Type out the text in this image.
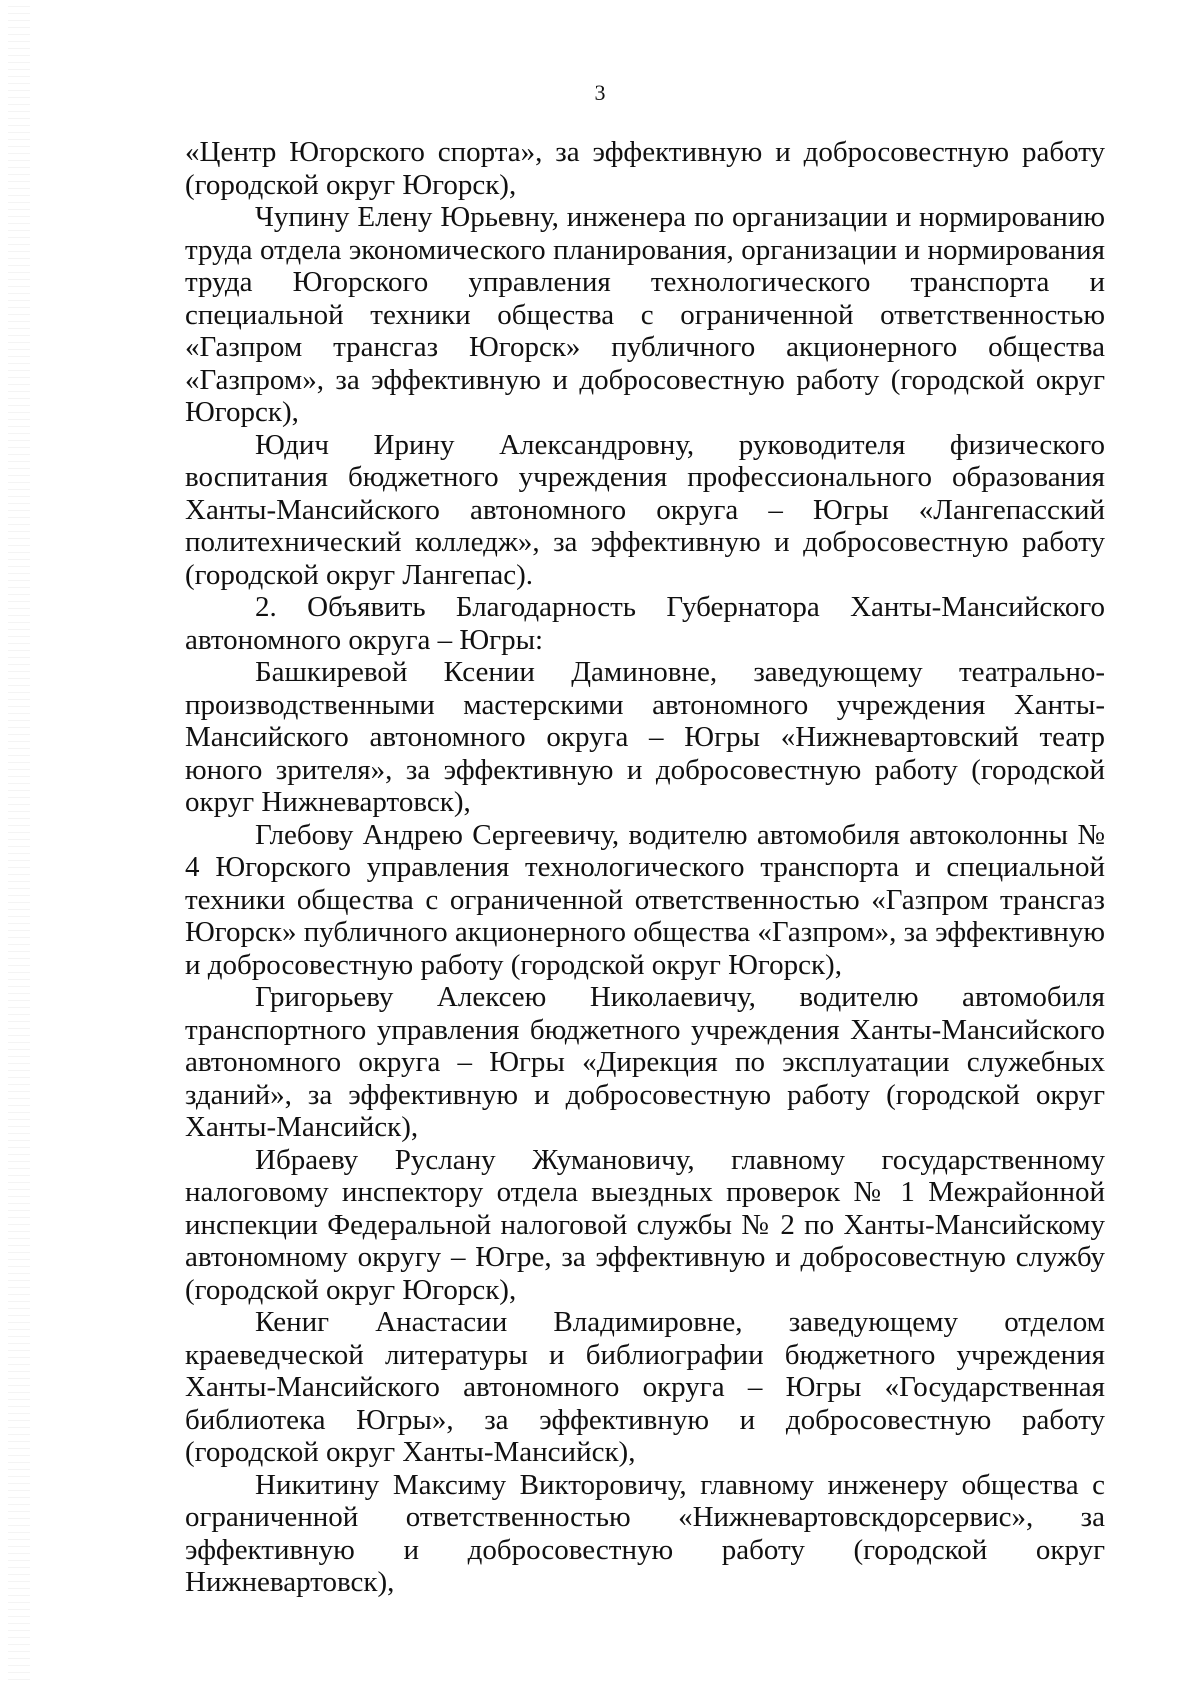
3

«Центр Югорского спорта», за эффективную и добросовестную работу (городской округ Югорск),

Чупину Елену Юрьевну, инженера по организации и нормированию труда отдела экономического планирования, организации и нормирования труда Югорского управления технологического транспорта и специальной техники общества с ограниченной ответственностью «Газпром трансгаз Югорск» публичного акционерного общества «Газпром», за эффективную и добросовестную работу (городской округ Югорск),

Юдич Ирину Александровну, руководителя физического воспитания бюджетного учреждения профессионального образования Ханты-Мансийского автономного округа – Югры «Лангепасский политехнический колледж», за эффективную и добросовестную работу (городской округ Лангепас).

2. Объявить Благодарность Губернатора Ханты-Мансийского автономного округа – Югры:

Башкиревой Ксении Даминовне, заведующему театрально-производственными мастерскими автономного учреждения Ханты-Мансийского автономного округа – Югры «Нижневартовский театр юного зрителя», за эффективную и добросовестную работу (городской округ Нижневартовск),

Глебову Андрею Сергеевичу, водителю автомобиля автоколонны № 4 Югорского управления технологического транспорта и специальной техники общества с ограниченной ответственностью «Газпром трансгаз Югорск» публичного акционерного общества «Газпром», за эффективную и добросовестную работу (городской округ Югорск),

Григорьеву Алексею Николаевичу, водителю автомобиля транспортного управления бюджетного учреждения Ханты-Мансийского автономного округа – Югры «Дирекция по эксплуатации служебных зданий», за эффективную и добросовестную работу (городской округ Ханты-Мансийск),

Ибраеву Руслану Жумановичу, главному государственному налоговому инспектору отдела выездных проверок № 1 Межрайонной инспекции Федеральной налоговой службы № 2 по Ханты-Мансийскому автономному округу – Югре, за эффективную и добросовестную службу (городской округ Югорск),

Кениг Анастасии Владимировне, заведующему отделом краеведческой литературы и библиографии бюджетного учреждения Ханты-Мансийского автономного округа – Югры «Государственная библиотека Югры», за эффективную и добросовестную работу (городской округ Ханты-Мансийск),

Никитину Максиму Викторовичу, главному инженеру общества с ограниченной ответственностью «Нижневартовскдорсервис», за эффективную и добросовестную работу (городской округ Нижневартовск),
